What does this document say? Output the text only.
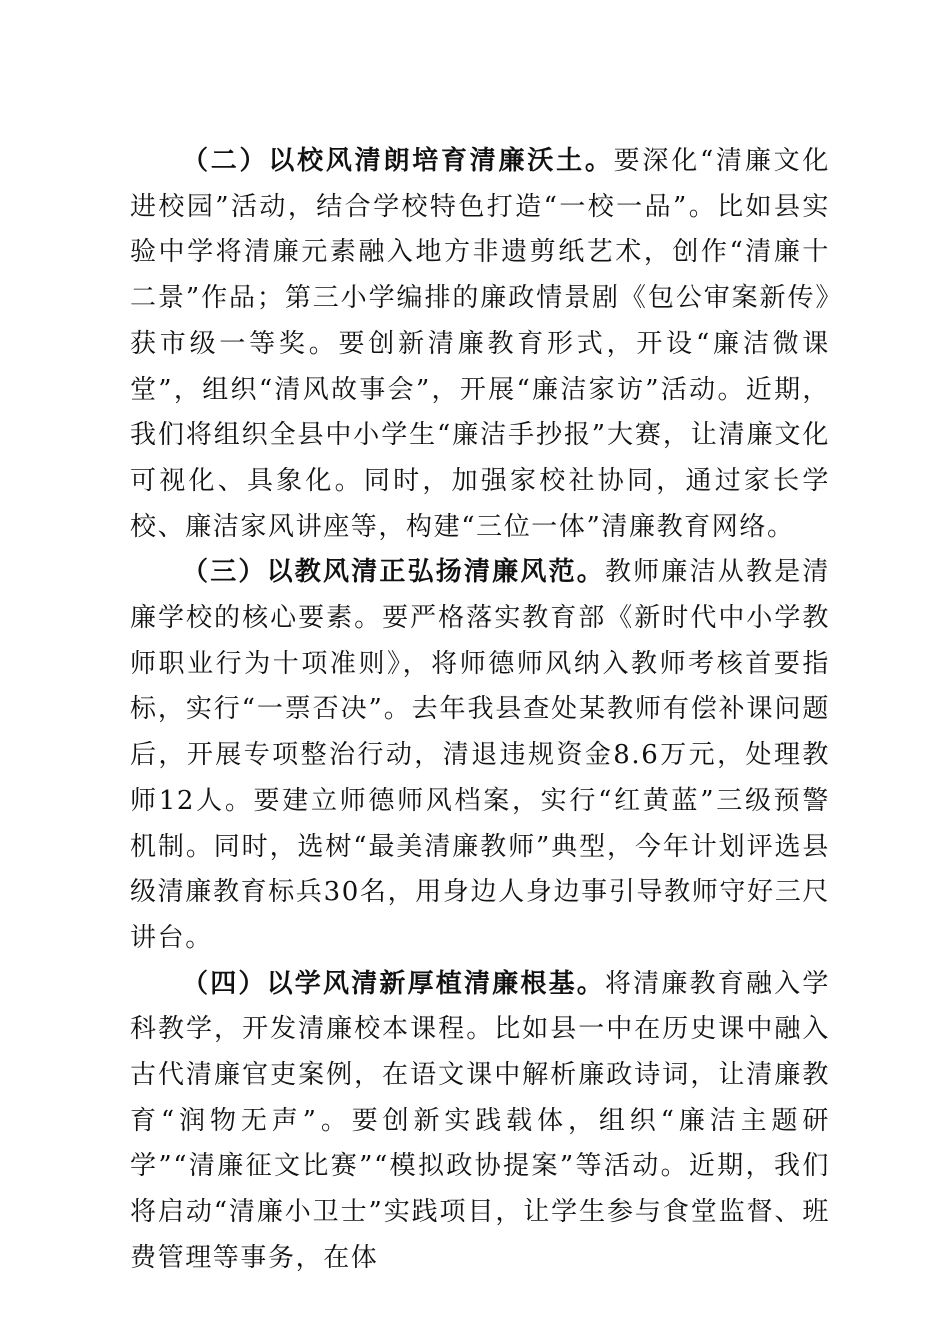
（二）以校风清朗培育清廉沃土。要深化“清廉文化进校园”活动，结合学校特色打造“一校一品”。比如县实验中学将清廉元素融入地方非遗剪纸艺术，创作“清廉十二景”作品；第三小学编排的廉政情景剧《包公审案新传》获市级一等奖。要创新清廉教育形式，开设“廉洁微课堂”，组织“清风故事会”，开展“廉洁家访”活动。近期，我们将组织全县中小学生“廉洁手抄报”大赛，让清廉文化可视化、具象化。同时，加强家校社协同，通过家长学校、廉洁家风讲座等，构建“三位一体”清廉教育网络。

（三）以教风清正弘扬清廉风范。教师廉洁从教是清廉学校的核心要素。要严格落实教育部《新时代中小学教师职业行为十项准则》，将师德师风纳入教师考核首要指标，实行“一票否决”。去年我县查处某教师有偿补课问题后，开展专项整治行动，清退违规资金8.6万元，处理教师12人。要建立师德师风档案，实行“红黄蓝”三级预警机制。同时，选树“最美清廉教师”典型，今年计划评选县级清廉教育标兵30名，用身边人身边事引导教师守好三尺讲台。

（四）以学风清新厚植清廉根基。将清廉教育融入学科教学，开发清廉校本课程。比如县一中在历史课中融入古代清廉官吏案例，在语文课中解析廉政诗词，让清廉教育“润物无声”。要创新实践载体，组织“廉洁主题研学”“清廉征文比赛”“模拟政协提案”等活动。近期，我们将启动“清廉小卫士”实践项目，让学生参与食堂监督、班费管理等事务，在体
